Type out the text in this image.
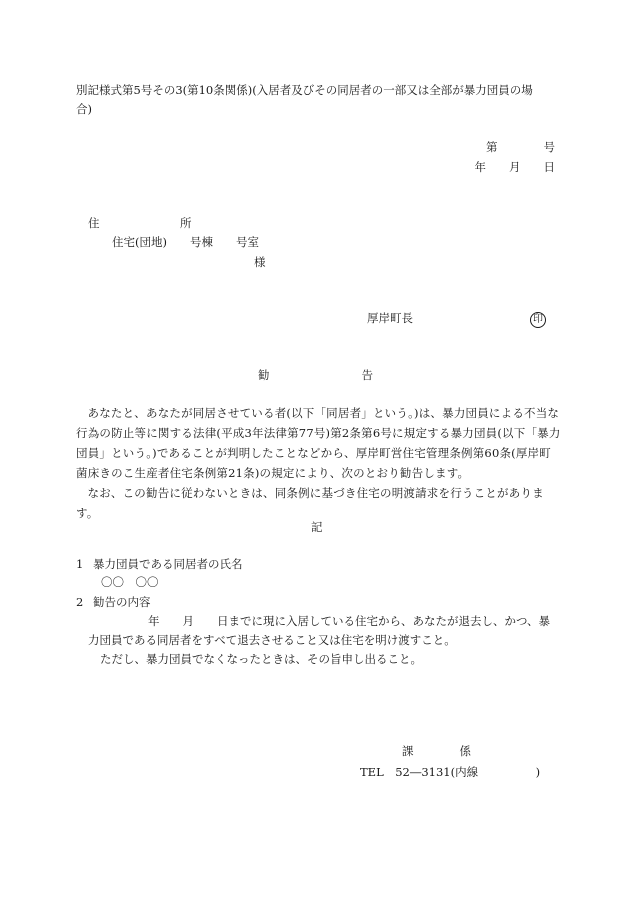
別記様式第5号その3(第10条関係)(入居者及びその同居者の一部又は全部が暴力団員の場
合)
第　　　　号
年　　月　　日
住　　　　　　　所
住宅(団地)　　号棟　　号室
様
厚岸町長	印
勧　　　　　　　　告

あなたと、あなたが同居させている者(以下「同居者」という。)は、暴力団員による不当な行為の防止等に関する法律(平成3年法律第77号)第2条第6号に規定する暴力団員(以下「暴力団員」という。)であることが判明したことなどから、厚岸町営住宅管理条例第60条(厚岸町菌床きのこ生産者住宅条例第21条)の規定により、次のとおり勧告します。

なお、この勧告に従わないときは、同条例に基づき住宅の明渡請求を行うことがあります。

記
1 暴力団員である同居者の氏名
〇〇　〇〇
2 勧告の内容
年　　月　　日までに現に入居している住宅から、あなたが退去し、かつ、暴
力団員である同居者をすべて退去させること又は住宅を明け渡すこと。
ただし、暴力団員でなくなったときは、その旨申し出ること。
課　　　　係
TEL　52―3131(内線　　　　　)
